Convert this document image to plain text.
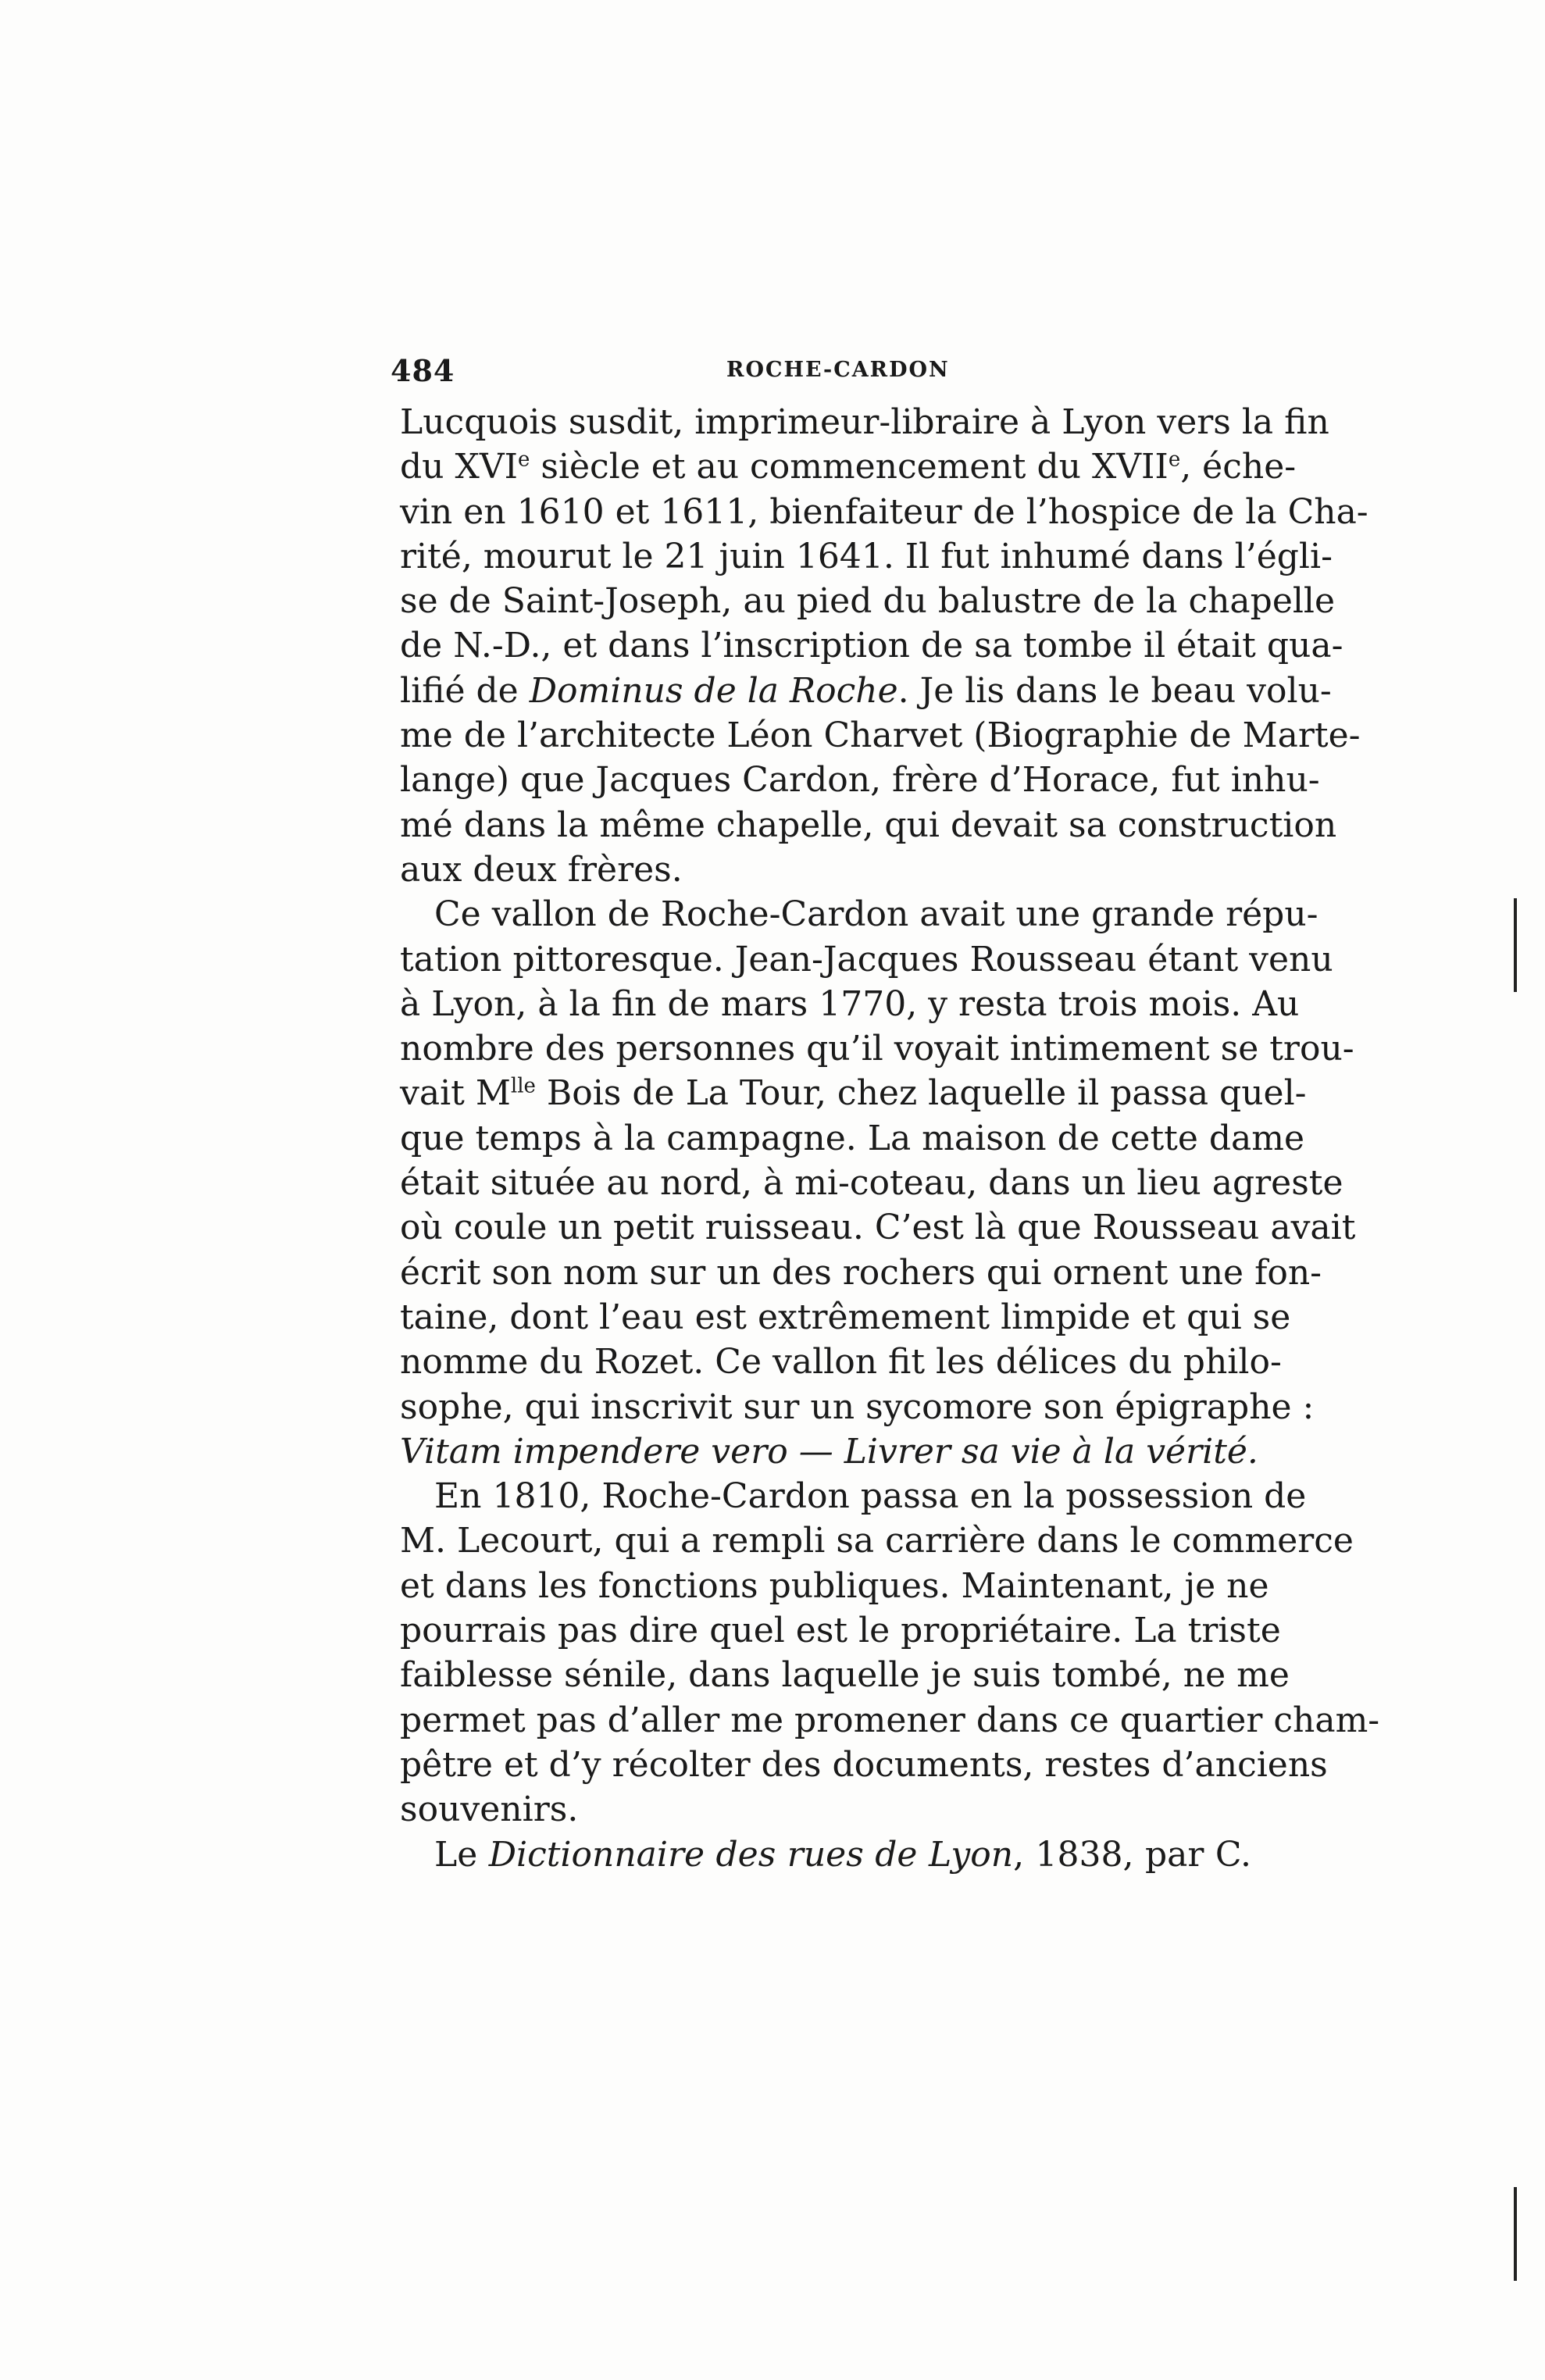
484	ROCHE-CARDON
Lucquois susdit, imprimeur-libraire à Lyon vers la fin
du XVIe siècle et au commencement du XVIIe, éche-
vin en 1610 et 1611, bienfaiteur de l’hospice de la Cha-
rité, mourut le 21 juin 1641. Il fut inhumé dans l’égli-
se de Saint-Joseph, au pied du balustre de la chapelle
de N.-D., et dans l’inscription de sa tombe il était qua-
lifié de Dominus de la Roche. Je lis dans le beau volu-
me de l’architecte Léon Charvet (Biographie de Marte-
lange) que Jacques Cardon, frère d’Horace, fut inhu-
mé dans la même chapelle, qui devait sa construction
aux deux frères.
Ce vallon de Roche-Cardon avait une grande répu-
tation pittoresque. Jean-Jacques Rousseau étant venu
à Lyon, à la fin de mars 1770, y resta trois mois. Au
nombre des personnes qu’il voyait intimement se trou-
vait $M^{lle}$ Bois de La Tour, chez laquelle il passa quel-
que temps à la campagne. La maison de cette dame
était située au nord, à mi-coteau, dans un lieu agreste
où coule un petit ruisseau. C’est là que Rousseau avait
écrit son nom sur un des rochers qui ornent une fon-
taine, dont l’eau est extrêmement limpide et qui se
nomme du Rozet. Ce vallon fit les délices du philo-
sophe, qui inscrivit sur un sycomore son épigraphe :
Vitam impendere vero — Livrer sa vie à la vérité.
En 1810, Roche-Cardon passa en la possession de
M. Lecourt, qui a rempli sa carrière dans le commerce
et dans les fonctions publiques. Maintenant, je ne
pourrais pas dire quel est le propriétaire. La triste
faiblesse sénile, dans laquelle je suis tombé, ne me
permet pas d’aller me promener dans ce quartier cham-
pêtre et d’y récolter des documents, restes d’anciens
souvenirs.
Le Dictionnaire des rues de Lyon, 1838, par C.
